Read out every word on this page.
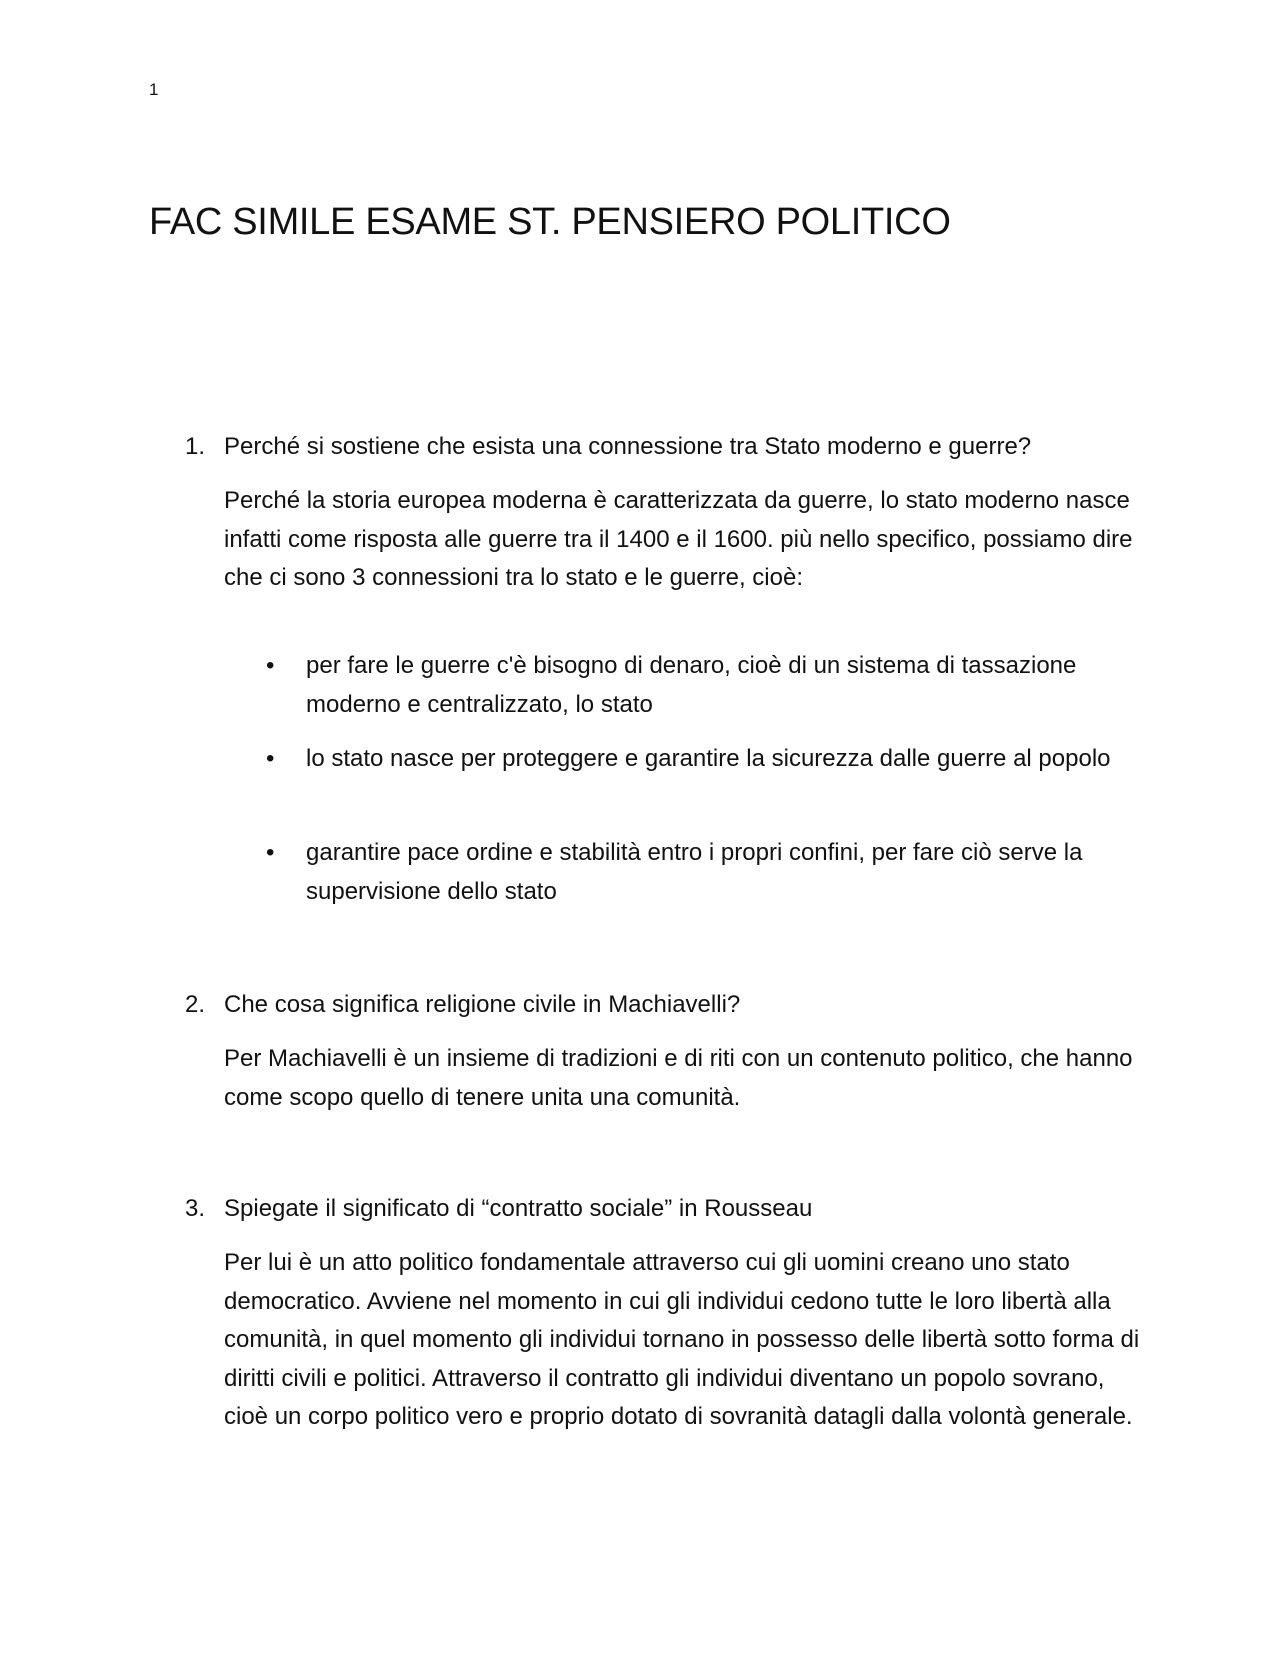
1

FAC SIMILE ESAME ST. PENSIERO POLITICO
1. Perché si sostiene che esista una connessione tra Stato moderno e guerre?

Perché la storia europea moderna è caratterizzata da guerre, lo stato moderno nasce infatti come risposta alle guerre tra il 1400 e il 1600. più nello specifico, possiamo dire che ci sono 3 connessioni tra lo stato e le guerre, cioè:

• per fare le guerre c'è bisogno di denaro, cioè di un sistema di tassazione moderno e centralizzato, lo stato
• lo stato nasce per proteggere e garantire la sicurezza dalle guerre al popolo
• garantire pace ordine e stabilità entro i propri confini, per fare ciò serve la supervisione dello stato
2. Che cosa significa religione civile in Machiavelli?

Per Machiavelli è un insieme di tradizioni e di riti con un contenuto politico, che hanno come scopo quello di tenere unita una comunità.

3. Spiegate il significato di “contratto sociale” in Rousseau

Per lui è un atto politico fondamentale attraverso cui gli uomini creano uno stato democratico. Avviene nel momento in cui gli individui cedono tutte le loro libertà alla comunità, in quel momento gli individui tornano in possesso delle libertà sotto forma di diritti civili e politici. Attraverso il contratto gli individui diventano un popolo sovrano, cioè un corpo politico vero e proprio dotato di sovranità datagli dalla volontà generale.
